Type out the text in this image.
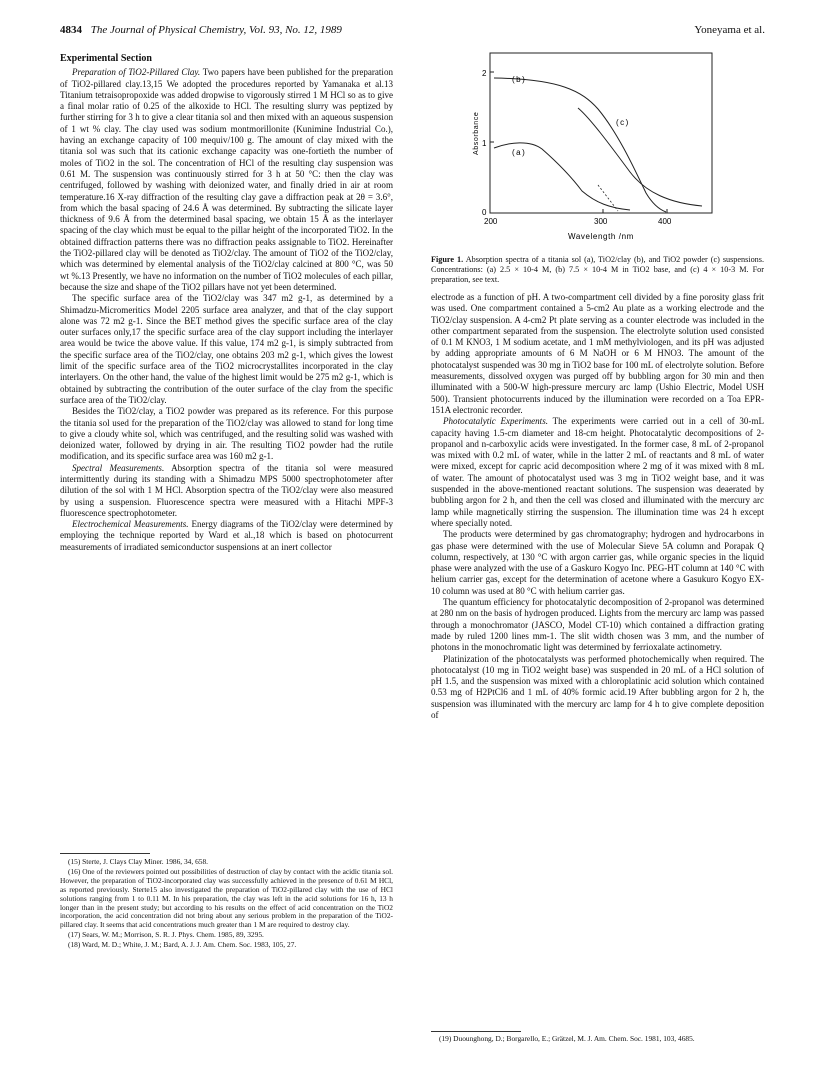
4834 The Journal of Physical Chemistry, Vol. 93, No. 12, 1989	Yoneyama et al.
Experimental Section

Preparation of TiO2-Pillared Clay. Two papers have been published for the preparation of TiO2-pillared clay.13,15 We adopted the procedures reported by Yamanaka et al.13 Titanium tetraisopropoxide was added dropwise to vigorously stirred 1 M HCl so as to give a final molar ratio of 0.25 of the alkoxide to HCl. The resulting slurry was peptized by further stirring for 3 h to give a clear titania sol and then mixed with an aqueous suspension of 1 wt % clay. The clay used was sodium montmorillonite (Kunimine Industrial Co.), having an exchange capacity of 100 mequiv/100 g. The amount of clay mixed with the titania sol was such that its cationic exchange capacity was one-fortieth the number of moles of TiO2 in the sol. The concentration of HCl of the resulting clay suspension was 0.61 M. The suspension was continuously stirred for 3 h at 50 °C: then the clay was centrifuged, followed by washing with deionized water, and finally dried in air at room temperature.16 X-ray diffraction of the resulting clay gave a diffraction peak at 2θ = 3.6°, from which the basal spacing of 24.6 Å was determined. By subtracting the silicate layer thickness of 9.6 Å from the determined basal spacing, we obtain 15 Å as the interlayer spacing of the clay which must be equal to the pillar height of the incorporated TiO2. In the obtained diffraction patterns there was no diffraction peaks assignable to TiO2. Hereinafter the TiO2-pillared clay will be denoted as TiO2/clay. The amount of TiO2 of the TiO2/clay, which was determined by elemental analysis of the TiO2/clay calcined at 800 °C, was 50 wt %.13 Presently, we have no information on the number of TiO2 molecules of each pillar, because the size and shape of the TiO2 pillars have not yet been determined.

The specific surface area of the TiO2/clay was 347 m2 g-1, as determined by a Shimadzu-Micromeritics Model 2205 surface area analyzer, and that of the clay support alone was 72 m2 g-1. Since the BET method gives the specific surface area of the clay outer surfaces only,17 the specific surface area of the clay support including the interlayer area would be twice the above value. If this value, 174 m2 g-1, is simply subtracted from the specific surface area of the TiO2/clay, one obtains 203 m2 g-1, which gives the lowest limit of the specific surface area of the TiO2 microcrystallites incorporated in the clay interlayers. On the other hand, the value of the highest limit would be 275 m2 g-1, which is obtained by subtracting the contribution of the outer surface of the clay from the specific surface area of the TiO2/clay.

Besides the TiO2/clay, a TiO2 powder was prepared as its reference. For this purpose the titania sol used for the preparation of the TiO2/clay was allowed to stand for long time to give a cloudy white sol, which was centrifuged, and the resulting solid was washed with deionized water, followed by drying in air. The resulting TiO2 powder had the rutile modification, and its specific surface area was 160 m2 g-1.

Spectral Measurements. Absorption spectra of the titania sol were measured intermittently during its standing with a Shimadzu MPS 5000 spectrophotometer after dilution of the sol with 1 M HCl. Absorption spectra of the TiO2/clay were also measured by using a suspension. Fluorescence spectra were measured with a Hitachi MPF-3 fluorescence spectrophotometer.

Electrochemical Measurements. Energy diagrams of the TiO2/clay were determined by employing the technique reported by Ward et al.,18 which is based on photocurrent measurements of irradiated semiconductor suspensions at an inert collector

(15) Sterte, J. Clays Clay Miner. 1986, 34, 658.

(16) One of the reviewers pointed out possibilities of destruction of clay by contact with the acidic titania sol. However, the preparation of TiO2-incorporated clay was successfully achieved in the presence of 0.61 M HCl, as reported previously. Sterte15 also investigated the preparation of TiO2-pillared clay with the use of HCl solutions ranging from 1 to 0.11 M. In his preparation, the clay was left in the acid solutions for 16 h, 13 h longer than in the present study; but according to his results on the effect of acid concentration on the TiO2 incorporation, the acid concentration did not bring about any serious problem in the preparation of the TiO2-pillared clay. It seems that acid concentrations much greater than 1 M are required to destroy clay.

(17) Sears, W. M.; Morrison, S. R. J. Phys. Chem. 1985, 89, 3295.

(18) Ward, M. D.; White, J. M.; Bard, A. J. J. Am. Chem. Soc. 1983, 105, 27.

2
1
0
200	300	400
Wavelength /nm
Absorbance
(b)
(c)
(a)
Figure 1. Absorption spectra of a titania sol (a), TiO2/clay (b), and TiO2 powder (c) suspensions. Concentrations: (a) 2.5 × 10-4 M, (b) 7.5 × 10-4 M in TiO2 base, and (c) 4 × 10-3 M. For preparation, see text.

electrode as a function of pH. A two-compartment cell divided by a fine porosity glass frit was used. One compartment contained a 5-cm2 Au plate as a working electrode and the TiO2/clay suspension. A 4-cm2 Pt plate serving as a counter electrode was included in the other compartment separated from the suspension. The electrolyte solution used consisted of 0.1 M KNO3, 1 M sodium acetate, and 1 mM methylviologen, and its pH was adjusted by adding appropriate amounts of 6 M NaOH or 6 M HNO3. The amount of the photocatalyst suspended was 30 mg in TiO2 base for 100 mL of electrolyte solution. Before measurements, dissolved oxygen was purged off by bubbling argon for 30 min and then illuminated with a 500-W high-pressure mercury arc lamp (Ushio Electric, Model USH 500). Transient photocurrents induced by the illumination were recorded on a Toa EPR-151A electronic recorder.

Photocatalytic Experiments. The experiments were carried out in a cell of 30-mL capacity having 1.5-cm diameter and 18-cm height. Photocatalytic decompositions of 2-propanol and n-carboxylic acids were investigated. In the former case, 8 mL of 2-propanol was mixed with 0.2 mL of water, while in the latter 2 mL of reactants and 8 mL of water were mixed, except for capric acid decomposition where 2 mg of it was mixed with 8 mL of water. The amount of photocatalyst used was 3 mg in TiO2 weight base, and it was suspended in the above-mentioned reactant solutions. The suspension was deaerated by bubbling argon for 2 h, and then the cell was closed and illuminated with the mercury arc lamp while magnetically stirring the suspension. The illumination time was 24 h except where specially noted.

The products were determined by gas chromatography; hydrogen and hydrocarbons in gas phase were determined with the use of Molecular Sieve 5A column and Porapak Q column, respectively, at 130 °C with argon carrier gas, while organic species in the liquid phase were analyzed with the use of a Gaskuro Kogyo Inc. PEG-HT column at 140 °C with helium carrier gas, except for the determination of acetone where a Gasukuro Kogyo EX-10 column was used at 80 °C with helium carrier gas.

The quantum efficiency for photocatalytic decomposition of 2-propanol was determined at 280 nm on the basis of hydrogen produced. Lights from the mercury arc lamp was passed through a monochromator (JASCO, Model CT-10) which contained a diffraction grating made by ruled 1200 lines mm-1. The slit width chosen was 3 mm, and the number of photons in the monochromatic light was determined by ferrioxalate actinometry.

Platinization of the photocatalysts was performed photochemically when required. The photocatalyst (10 mg in TiO2 weight base) was suspended in 20 mL of a HCl solution of pH 1.5, and the suspension was mixed with a chloroplatinic acid solution which contained 0.53 mg of H2PtCl6 and 1 mL of 40% formic acid.19 After bubbling argon for 2 h, the suspension was illuminated with the mercury arc lamp for 4 h to give complete deposition of

(19) Duounghong, D.; Borgarello, E.; Grätzel, M. J. Am. Chem. Soc. 1981, 103, 4685.
